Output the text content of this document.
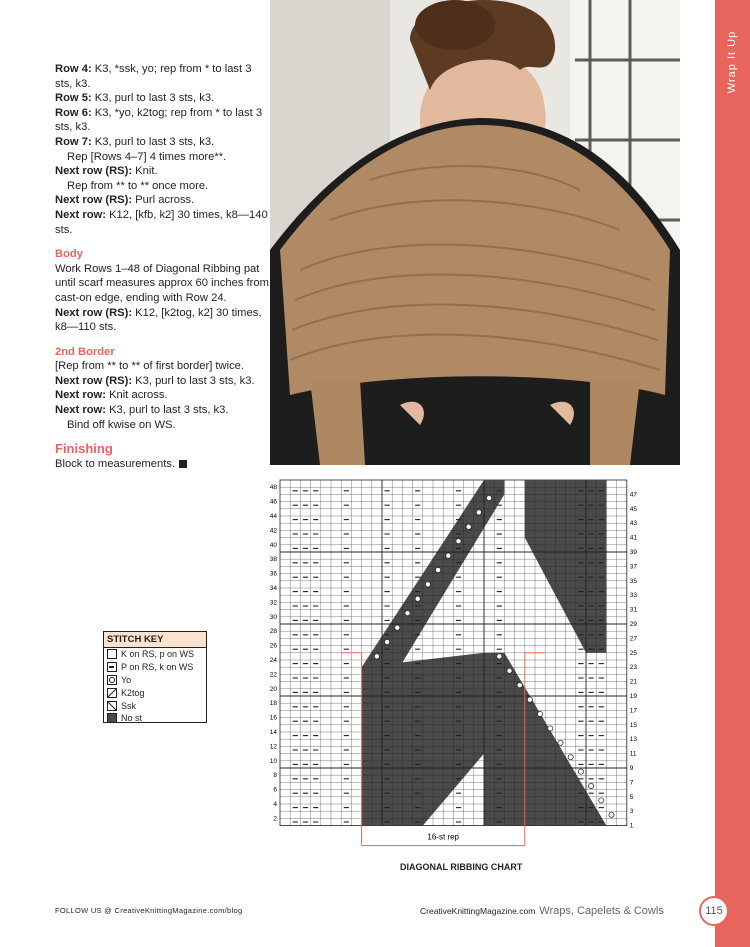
Wrap It Up
Row 4: K3, *ssk, yo; rep from * to last 3 sts, k3.
Row 5: K3, purl to last 3 sts, k3.
Row 6: K3, *yo, k2tog; rep from * to last 3 sts, k3.
Row 7: K3, purl to last 3 sts, k3.
Rep [Rows 4–7] 4 times more**.
Next row (RS): Knit.
Rep from ** to ** once more.
Next row (RS): Purl across.
Next row: K12, [kfb, k2] 30 times, k8—140 sts.
Body
Work Rows 1–48 of Diagonal Ribbing pat until scarf measures approx 60 inches from cast-on edge, ending with Row 24.
Next row (RS): K12, [k2tog, k2] 30 times, k8—110 sts.
2nd Border
[Rep from ** to ** of first border] twice.
Next row (RS): K3, purl to last 3 sts, k3.
Next row: Knit across.
Next row: K3, purl to last 3 sts, k3.
Bind off kwise on WS.
Finishing
Block to measurements.
STITCH KEY
K on RS, p on WS
P on RS, k on WS
Yo
K2tog
Ssk
No st
48
46
44
42
40
38
36
34
32
30
28
26
24
22
20
18
16
14
12
10
8
6
4
2
47
45
43
41
39
37
35
33
31
29
27
25
23
21
19
17
15
13
11
9
7
5
3
1
16-st rep
DIAGONAL RIBBING CHART
FOLLOW US @ CreativeKnittingMagazine.com/blog	CreativeKnittingMagazine.com Wraps, Capelets & Cowls	115
